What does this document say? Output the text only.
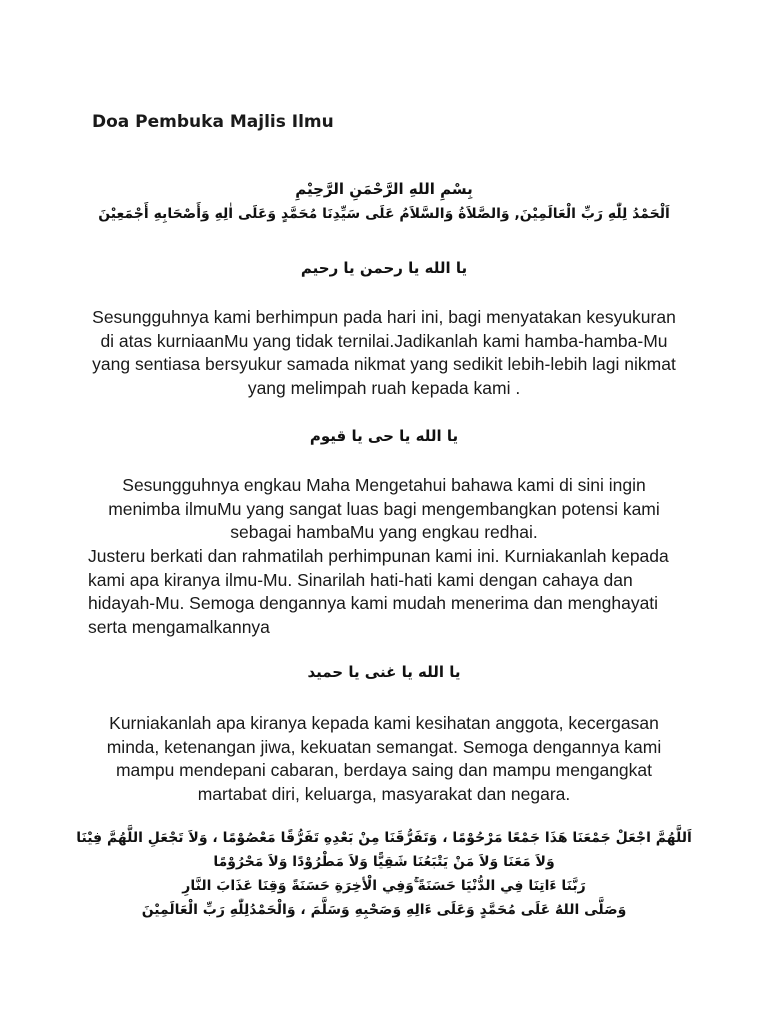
Doa Pembuka Majlis Ilmu
بِسْمِ اللهِ الرَّحْمَنِ الرَّحِيْمِ
اَلْحَمْدُ لِلّٰهِ رَبِّ الْعَالَمِيْنَ, وَالصَّلاَةُ وَالسَّلاَمُ عَلَى سَيِّدِنَا مُحَمَّدٍ وَعَلَى اٰلِهِ وَأَصْحَابِهِ أَجْمَعِيْنَ
يا الله يا رحمن يا رحيم
Sesungguhnya kami berhimpun pada hari ini, bagi menyatakan kesyukuran di atas kurniaanMu yang tidak ternilai.Jadikanlah kami hamba-hamba-Mu yang sentiasa bersyukur samada nikmat yang sedikit lebih-lebih lagi nikmat yang melimpah ruah kepada kami .
يا الله يا حى يا قيوم
Sesungguhnya engkau Maha Mengetahui bahawa kami di sini ingin menimba ilmuMu yang sangat luas bagi mengembangkan potensi kami sebagai hambaMu yang engkau redhai.
Justeru berkati dan rahmatilah perhimpunan kami ini. Kurniakanlah kepada kami apa kiranya ilmu-Mu. Sinarilah hati-hati kami dengan cahaya dan hidayah-Mu. Semoga dengannya kami mudah menerima dan menghayati serta mengamalkannya
يا الله يا غنى يا حميد
Kurniakanlah apa kiranya kepada kami kesihatan anggota, kecergasan minda, ketenangan jiwa, kekuatan semangat. Semoga dengannya kami mampu mendepani cabaran, berdaya saing dan mampu mengangkat martabat diri, keluarga, masyarakat dan negara.
اَللَّهُمَّ اجْعَلْ جَمْعَنَا هَذَا جَمْعًا مَرْحُوْمًا ، وَتَفَرُّقَنَا مِنْ بَعْدِهِ تَفَرُّقًا مَعْصُوْمًا ، وَلاَ تَجْعَلِ اللَّهُمَّ فِيْنَا
وَلاَ مَعَنَا وَلاَ مَنْ يَتْبَعُنَا شَقِيًّا وَلاَ مَطْرُوْدًا وَلاَ مَحْرُوْمًا
رَبَّنَا ءَاتِنَا فِي الدُّنْيَا حَسَنَةً ۚوَفِي الْأخِرَةِ حَسَنَةً وَقِنَا عَذَابَ النَّارِ
وَصَلَّى اللهُ عَلَى مُحَمَّدٍ وَعَلَى ءَالِهِ وَصَحْبِهِ وَسَلَّمَ ، وَالْحَمْدُلِلّٰهِ رَبِّ الْعَالَمِيْنَ
